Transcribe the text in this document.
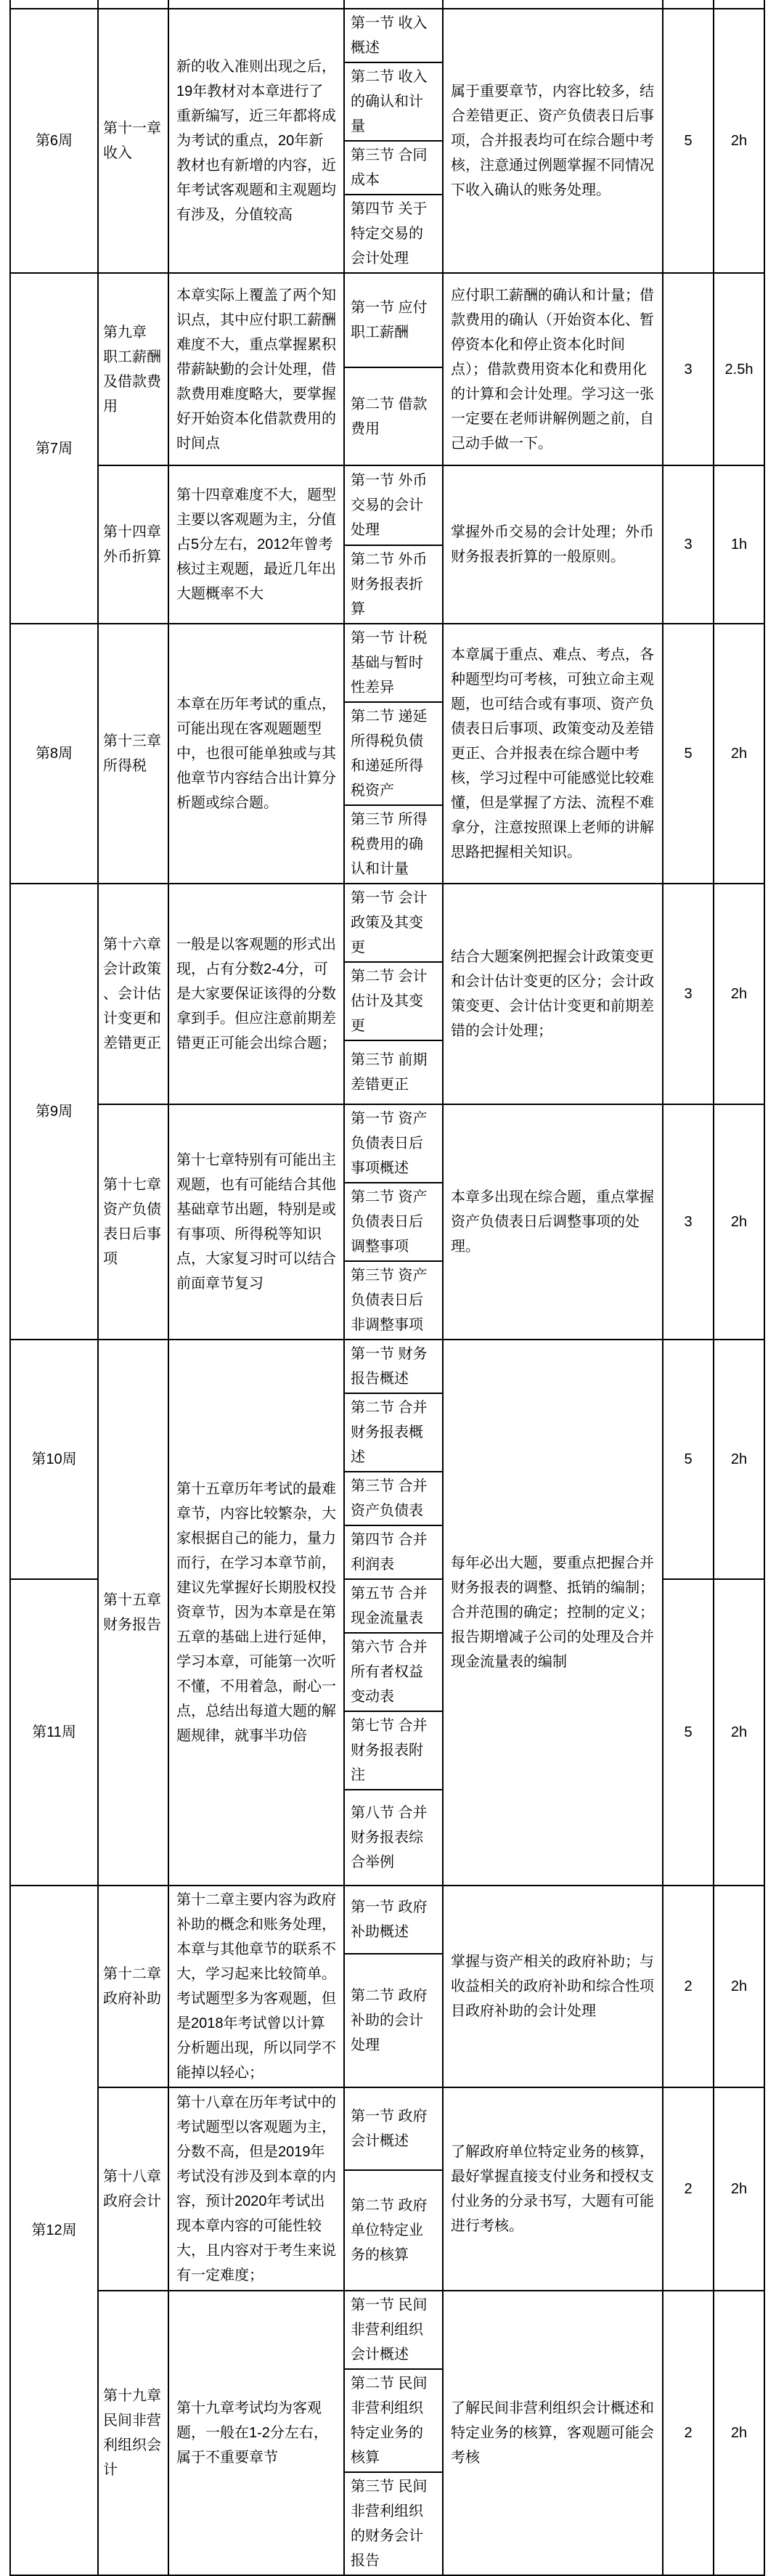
第6周	第十一章 收入	新的收入准则出现之后，19年教材对本章进行了重新编写，近三年都将成为考试的重点，20年新教材也有新增的内容，近年考试客观题和主观题均有涉及，分值较高	第一节 收入概述	属于重要章节，内容比较多，结合差错更正、资产负债表日后事项，合并报表均可在综合题中考核，注意通过例题掌握不同情况下收入确认的账务处理。	5	2h
			第二节 收入的确认和计量			
			第三节 合同成本			
			第四节 关于特定交易的会计处理			
第7周	第九章 职工薪酬及借款费用	本章实际上覆盖了两个知识点，其中应付职工薪酬难度不大，重点掌握累积带薪缺勤的会计处理，借款费用难度略大，要掌握好开始资本化借款费用的时间点	第一节 应付职工薪酬	应付职工薪酬的确认和计量；借款费用的确认（开始资本化、暂停资本化和停止资本化时间点）；借款费用资本化和费用化的计算和会计处理。学习这一张一定要在老师讲解例题之前，自己动手做一下。	3	2.5h
			第二节 借款费用			
	第十四章 外币折算	第十四章难度不大，题型主要以客观题为主，分值占5分左右，2012年曾考核过主观题，最近几年出大题概率不大	第一节 外币交易的会计处理	掌握外币交易的会计处理；外币财务报表折算的一般原则。	3	1h
			第二节 外币财务报表折算			
第8周	第十三章 所得税	本章在历年考试的重点，可能出现在客观题题型中，也很可能单独或与其他章节内容结合出计算分析题或综合题。	第一节 计税基础与暂时性差异	本章属于重点、难点、考点，各种题型均可考核，可独立命主观题，也可结合或有事项、资产负债表日后事项、政策变动及差错更正、合并报表在综合题中考核，学习过程中可能感觉比较难懂，但是掌握了方法、流程不难拿分，注意按照课上老师的讲解思路把握相关知识。	5	2h
			第二节 递延所得税负债和递延所得税资产			
			第三节 所得税费用的确认和计量			
第9周	第十六章 会计政策、会计估计变更和差错更正	一般是以客观题的形式出现，占有分数2-4分，可是大家要保证该得的分数拿到手。但应注意前期差错更正可能会出综合题；	第一节 会计政策及其变更	结合大题案例把握会计政策变更和会计估计变更的区分；会计政策变更、会计估计变更和前期差错的会计处理；	3	2h
			第二节 会计估计及其变更			
			第三节 前期差错更正			
	第十七章 资产负债表日后事项	第十七章特别有可能出主观题，也有可能结合其他基础章节出题，特别是或有事项、所得税等知识点，大家复习时可以结合前面章节复习	第一节 资产负债表日后事项概述	本章多出现在综合题，重点掌握资产负债表日后调整事项的处理。	3	2h
			第二节 资产负债表日后调整事项			
			第三节 资产负债表日后非调整事项			
第10周	第十五章 财务报告	第十五章历年考试的最难章节，内容比较繁杂，大家根据自己的能力，量力而行，在学习本章节前，建议先掌握好长期股权投资章节，因为本章是在第五章的基础上进行延伸，学习本章，可能第一次听不懂，不用着急，耐心一点，总结出每道大题的解题规律，就事半功倍	第一节 财务报告概述	每年必出大题，要重点把握合并财务报表的调整、抵销的编制；合并范围的确定；控制的定义；报告期增减子公司的处理及合并现金流量表的编制	5	2h
			第二节 合并财务报表概述			
			第三节 合并资产负债表			
			第四节 合并利润表			
第11周			第五节 合并现金流量表		5	2h
			第六节 合并所有者权益变动表			
			第七节 合并财务报表附注			
			第八节 合并财务报表综合举例			
第12周	第十二章 政府补助	第十二章主要内容为政府补助的概念和账务处理，本章与其他章节的联系不大，学习起来比较简单。考试题型多为客观题，但是2018年考试曾以计算分析题出现，所以同学不能掉以轻心；	第一节 政府补助概述	掌握与资产相关的政府补助；与收益相关的政府补助和综合性项目政府补助的会计处理	2	2h
			第二节 政府补助的会计处理			
	第十八章 政府会计	第十八章在历年考试中的考试题型以客观题为主，分数不高，但是2019年考试没有涉及到本章的内容，预计2020年考试出现本章内容的可能性较大，且内容对于考生来说有一定难度；	第一节 政府会计概述	了解政府单位特定业务的核算，最好掌握直接支付业务和授权支付业务的分录书写，大题有可能进行考核。	2	2h
			第二节 政府单位特定业务的核算			
	第十九章 民间非营利组织会计	第十九章考试均为客观题，一般在1-2分左右，属于不重要章节	第一节 民间非营利组织会计概述	了解民间非营利组织会计概述和特定业务的核算，客观题可能会考核	2	2h
			第二节 民间非营利组织特定业务的核算			
			第三节 民间非营利组织的财务会计报告			
